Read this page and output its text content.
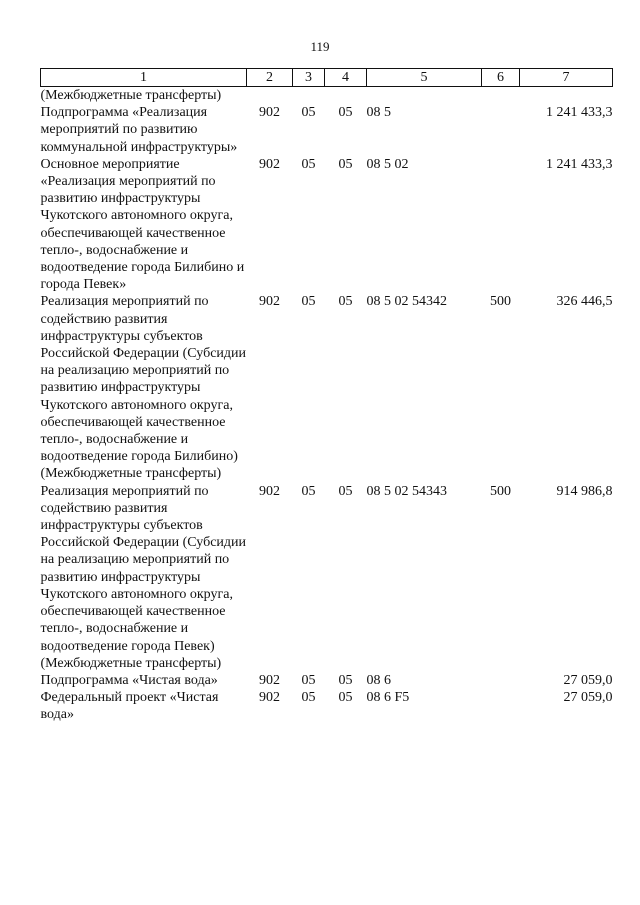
119
1	2	3	4	5	6	7
(Межбюджетные трансферты)						
Подпрограмма «Реализация мероприятий по развитию коммунальной инфраструктуры»	902	05	05	08 5		1 241 433,3
Основное мероприятие «Реализация мероприятий по развитию инфраструктуры Чукотского автономного округа, обеспечивающей качественное тепло-, водоснабжение и водоотведение города Билибино и города Певек»	902	05	05	08 5 02		1 241 433,3
Реализация мероприятий по содействию развития инфраструктуры субъектов Российской Федерации (Субсидии на реализацию мероприятий по развитию инфраструктуры Чукотского автономного округа, обеспечивающей качественное тепло-, водоснабжение и водоотведение города Билибино) (Межбюджетные трансферты)	902	05	05	08 5 02 54342	500	326 446,5
Реализация мероприятий по содействию развития инфраструктуры субъектов Российской Федерации (Субсидии на реализацию мероприятий по развитию инфраструктуры Чукотского автономного округа, обеспечивающей качественное тепло-, водоснабжение и водоотведение города Певек) (Межбюджетные трансферты)	902	05	05	08 5 02 54343	500	914 986,8
Подпрограмма «Чистая вода»	902	05	05	08 6		27 059,0
Федеральный проект «Чистая вода»	902	05	05	08 6 F5		27 059,0
